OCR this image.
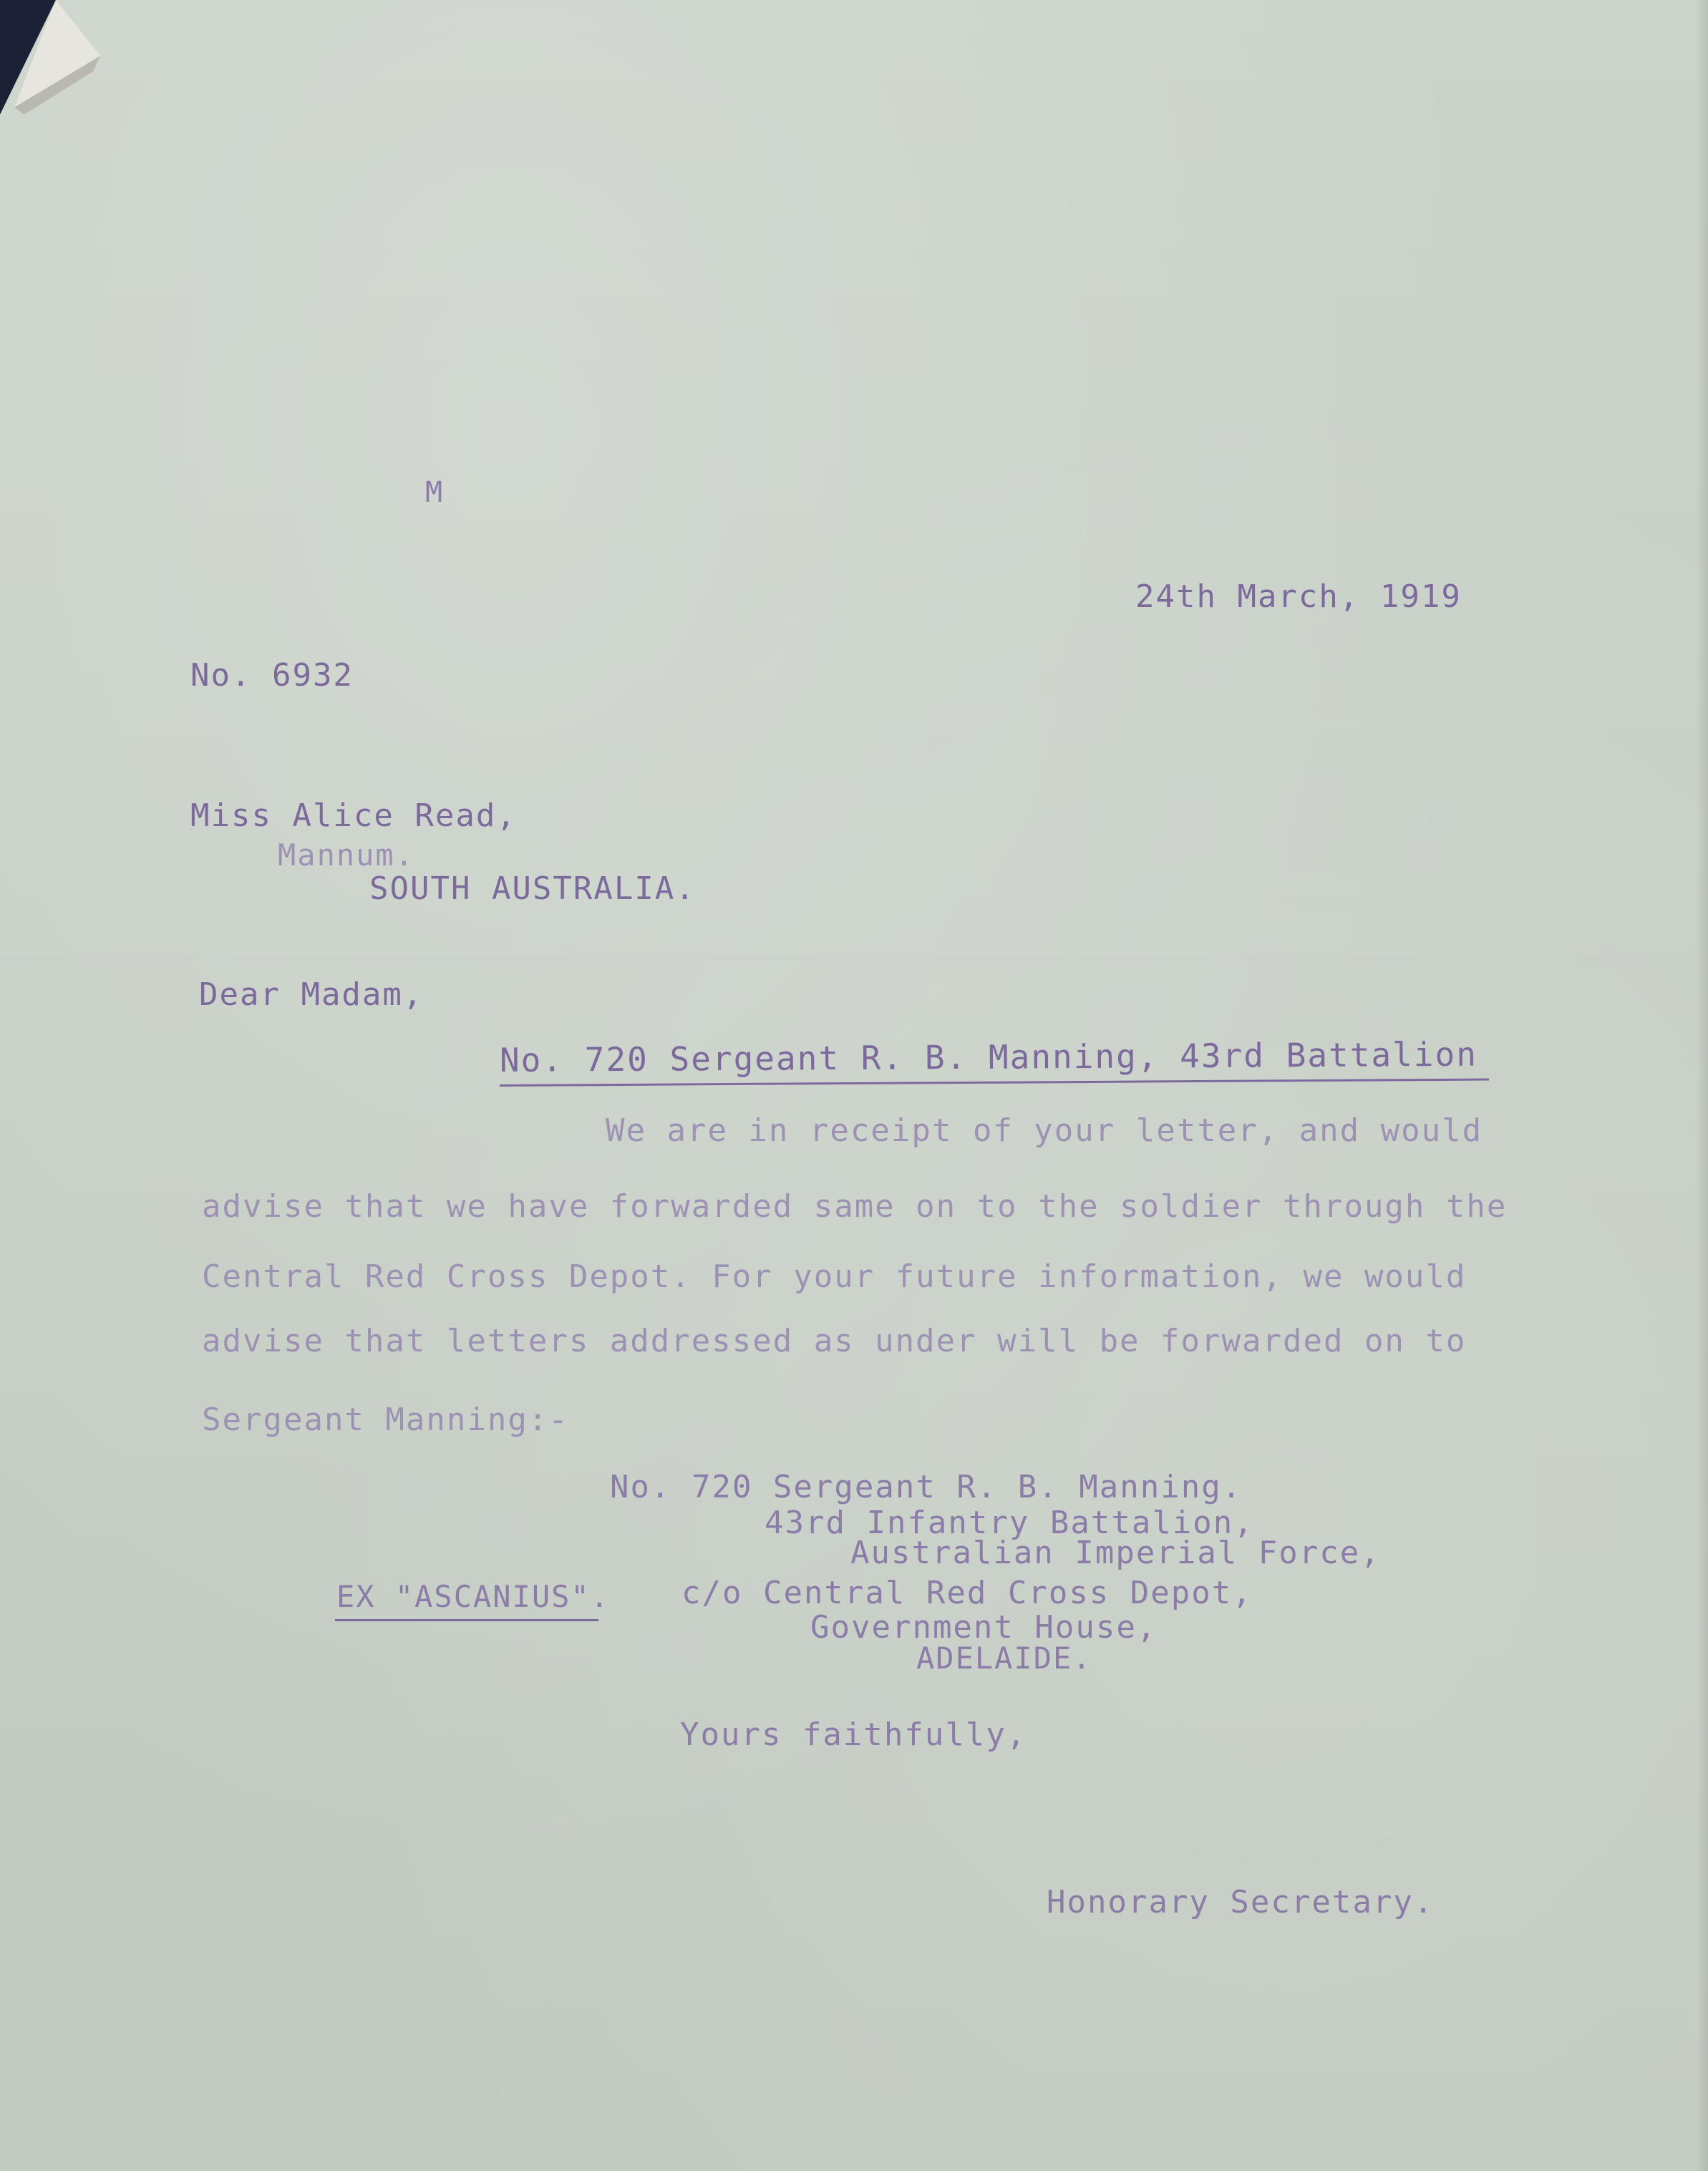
M
24th March, 1919
No. 6932
Miss Alice Read,
Mannum.
SOUTH AUSTRALIA.
Dear Madam,
No. 720 Sergeant R. B. Manning, 43rd Battalion
We are in receipt of your letter, and would
advise that we have forwarded same on to the soldier through the
Central Red Cross Depot. For your future information, we would
advise that letters addressed as under will be forwarded on to
Sergeant Manning:-
No. 720 Sergeant R. B. Manning.
43rd Infantry Battalion,
Australian Imperial Force,
EX "ASCANIUS". c/o Central Red Cross Depot,
Government House,
ADELAIDE.
Yours faithfully,
Honorary Secretary.
